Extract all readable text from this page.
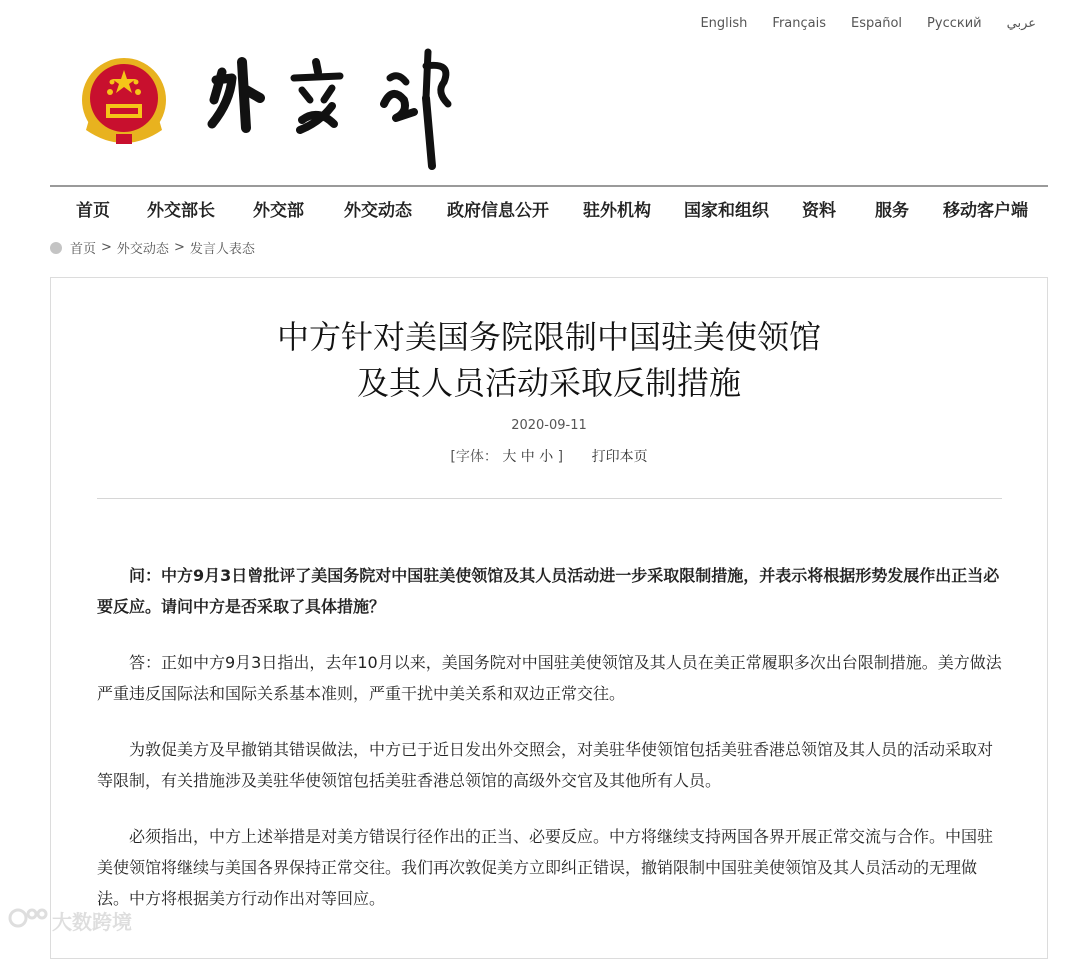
English Français Español Русский عربي
首页 外交部长 外交部 外交动态 政府信息公开 驻外机构 国家和组织 资料 服务 移动客户端
首页 > 外交动态 > 发言人表态
中方针对美国务院限制中国驻美使领馆
及其人员活动采取反制措施
2020-09-11
[字体： 大 中 小 ] 打印本页
问：中方9月3日曾批评了美国务院对中国驻美使领馆及其人员活动进一步采取限制措施，并表示将根据形势发展作出正当必要反应。请问中方是否采取了具体措施？
答：正如中方9月3日指出，去年10月以来，美国务院对中国驻美使领馆及其人员在美正常履职多次出台限制措施。美方做法严重违反国际法和国际关系基本准则，严重干扰中美关系和双边正常交往。
为敦促美方及早撤销其错误做法，中方已于近日发出外交照会，对美驻华使领馆包括美驻香港总领馆及其人员的活动采取对等限制，有关措施涉及美驻华使领馆包括美驻香港总领馆的高级外交官及其他所有人员。
必须指出，中方上述举措是对美方错误行径作出的正当、必要反应。中方将继续支持两国各界开展正常交流与合作。中国驻美使领馆将继续与美国各界保持正常交往。我们再次敦促美方立即纠正错误，撤销限制中国驻美使领馆及其人员活动的无理做法。中方将根据美方行动作出对等回应。
大数跨境
